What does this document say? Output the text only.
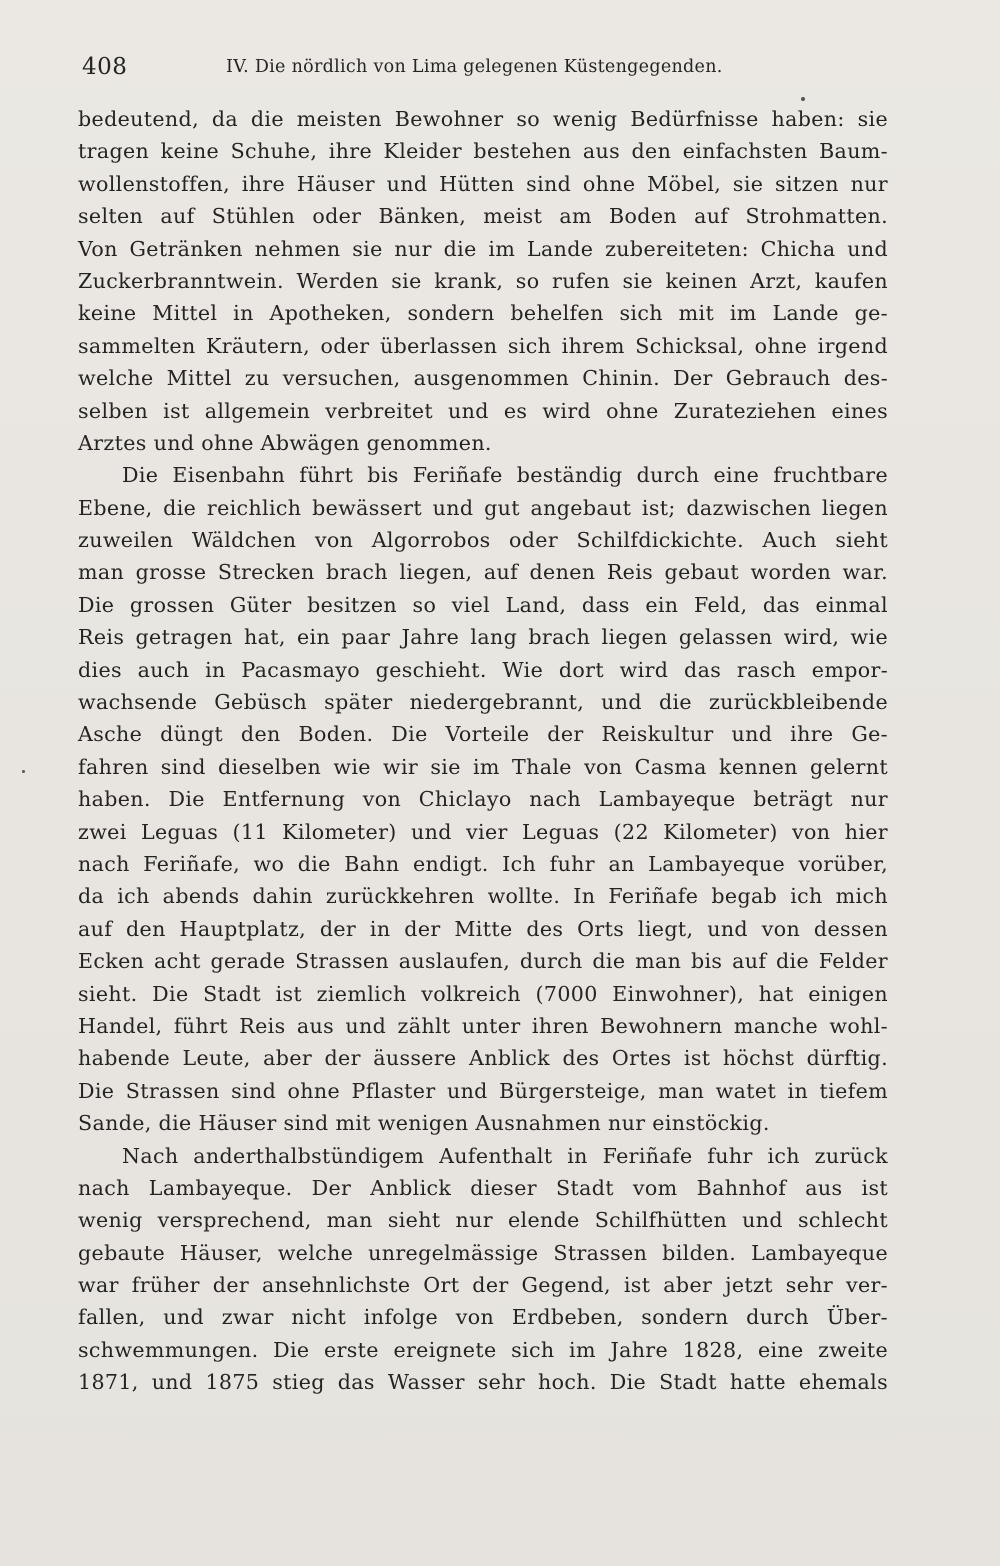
408	IV. Die nördlich von Lima gelegenen Küstengegenden.
bedeutend, da die meisten Bewohner so wenig Bedürfnisse haben: sie
tragen keine Schuhe, ihre Kleider bestehen aus den einfachsten Baum-
wollenstoffen, ihre Häuser und Hütten sind ohne Möbel, sie sitzen nur
selten auf Stühlen oder Bänken, meist am Boden auf Strohmatten.
Von Getränken nehmen sie nur die im Lande zubereiteten: Chicha und
Zuckerbranntwein. Werden sie krank, so rufen sie keinen Arzt, kaufen
keine Mittel in Apotheken, sondern behelfen sich mit im Lande ge-
sammelten Kräutern, oder überlassen sich ihrem Schicksal, ohne irgend
welche Mittel zu versuchen, ausgenommen Chinin. Der Gebrauch des-
selben ist allgemein verbreitet und es wird ohne Zurateziehen eines
Arztes und ohne Abwägen genommen.
Die Eisenbahn führt bis Feriñafe beständig durch eine fruchtbare
Ebene, die reichlich bewässert und gut angebaut ist; dazwischen liegen
zuweilen Wäldchen von Algorrobos oder Schilfdickichte. Auch sieht
man grosse Strecken brach liegen, auf denen Reis gebaut worden war.
Die grossen Güter besitzen so viel Land, dass ein Feld, das einmal
Reis getragen hat, ein paar Jahre lang brach liegen gelassen wird, wie
dies auch in Pacasmayo geschieht. Wie dort wird das rasch empor-
wachsende Gebüsch später niedergebrannt, und die zurückbleibende
Asche düngt den Boden. Die Vorteile der Reiskultur und ihre Ge-
fahren sind dieselben wie wir sie im Thale von Casma kennen gelernt
haben. Die Entfernung von Chiclayo nach Lambayeque beträgt nur
zwei Leguas (11 Kilometer) und vier Leguas (22 Kilometer) von hier
nach Feriñafe, wo die Bahn endigt. Ich fuhr an Lambayeque vorüber,
da ich abends dahin zurückkehren wollte. In Feriñafe begab ich mich
auf den Hauptplatz, der in der Mitte des Orts liegt, und von dessen
Ecken acht gerade Strassen auslaufen, durch die man bis auf die Felder
sieht. Die Stadt ist ziemlich volkreich (7000 Einwohner), hat einigen
Handel, führt Reis aus und zählt unter ihren Bewohnern manche wohl-
habende Leute, aber der äussere Anblick des Ortes ist höchst dürftig.
Die Strassen sind ohne Pflaster und Bürgersteige, man watet in tiefem
Sande, die Häuser sind mit wenigen Ausnahmen nur einstöckig.
Nach anderthalbstündigem Aufenthalt in Feriñafe fuhr ich zurück
nach Lambayeque. Der Anblick dieser Stadt vom Bahnhof aus ist
wenig versprechend, man sieht nur elende Schilfhütten und schlecht
gebaute Häuser, welche unregelmässige Strassen bilden. Lambayeque
war früher der ansehnlichste Ort der Gegend, ist aber jetzt sehr ver-
fallen, und zwar nicht infolge von Erdbeben, sondern durch Über-
schwemmungen. Die erste ereignete sich im Jahre 1828, eine zweite
1871, und 1875 stieg das Wasser sehr hoch. Die Stadt hatte ehemals
